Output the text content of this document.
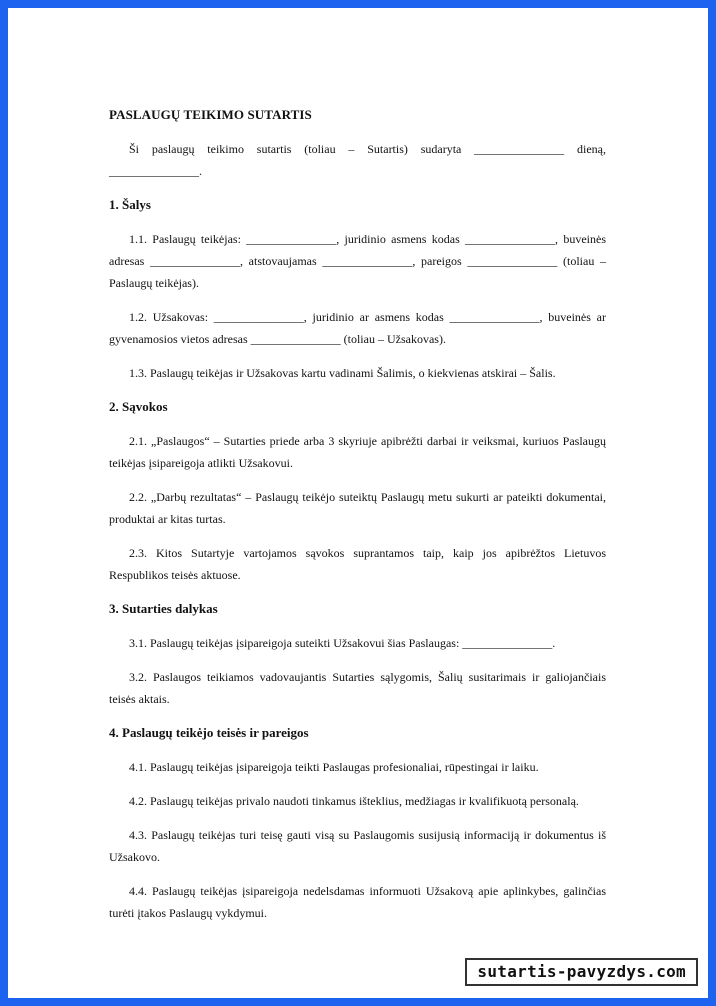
PASLAUGŲ TEIKIMO SUTARTIS

Ši paslaugų teikimo sutartis (toliau – Sutartis) sudaryta _______________ dieną, _______________.

1. Šalys

1.1. Paslaugų teikėjas: _______________, juridinio asmens kodas _______________, buveinės adresas _______________, atstovaujamas _______________, pareigos _______________ (toliau – Paslaugų teikėjas).

1.2. Užsakovas: _______________, juridinio ar asmens kodas _______________, buveinės ar gyvenamosios vietos adresas _______________ (toliau – Užsakovas).

1.3. Paslaugų teikėjas ir Užsakovas kartu vadinami Šalimis, o kiekvienas atskirai – Šalis.

2. Sąvokos

2.1. „Paslaugos“ – Sutarties priede arba 3 skyriuje apibrėžti darbai ir veiksmai, kuriuos Paslaugų teikėjas įsipareigoja atlikti Užsakovui.

2.2. „Darbų rezultatas“ – Paslaugų teikėjo suteiktų Paslaugų metu sukurti ar pateikti dokumentai, produktai ar kitas turtas.

2.3. Kitos Sutartyje vartojamos sąvokos suprantamos taip, kaip jos apibrėžtos Lietuvos Respublikos teisės aktuose.

3. Sutarties dalykas

3.1. Paslaugų teikėjas įsipareigoja suteikti Užsakovui šias Paslaugas: _______________.

3.2. Paslaugos teikiamos vadovaujantis Sutarties sąlygomis, Šalių susitarimais ir galiojančiais teisės aktais.

4. Paslaugų teikėjo teisės ir pareigos

4.1. Paslaugų teikėjas įsipareigoja teikti Paslaugas profesionaliai, rūpestingai ir laiku.

4.2. Paslaugų teikėjas privalo naudoti tinkamus išteklius, medžiagas ir kvalifikuotą personalą.

4.3. Paslaugų teikėjas turi teisę gauti visą su Paslaugomis susijusią informaciją ir dokumentus iš Užsakovo.

4.4. Paslaugų teikėjas įsipareigoja nedelsdamas informuoti Užsakovą apie aplinkybes, galinčias turėti įtakos Paslaugų vykdymui.

sutartis-pavyzdys.com
